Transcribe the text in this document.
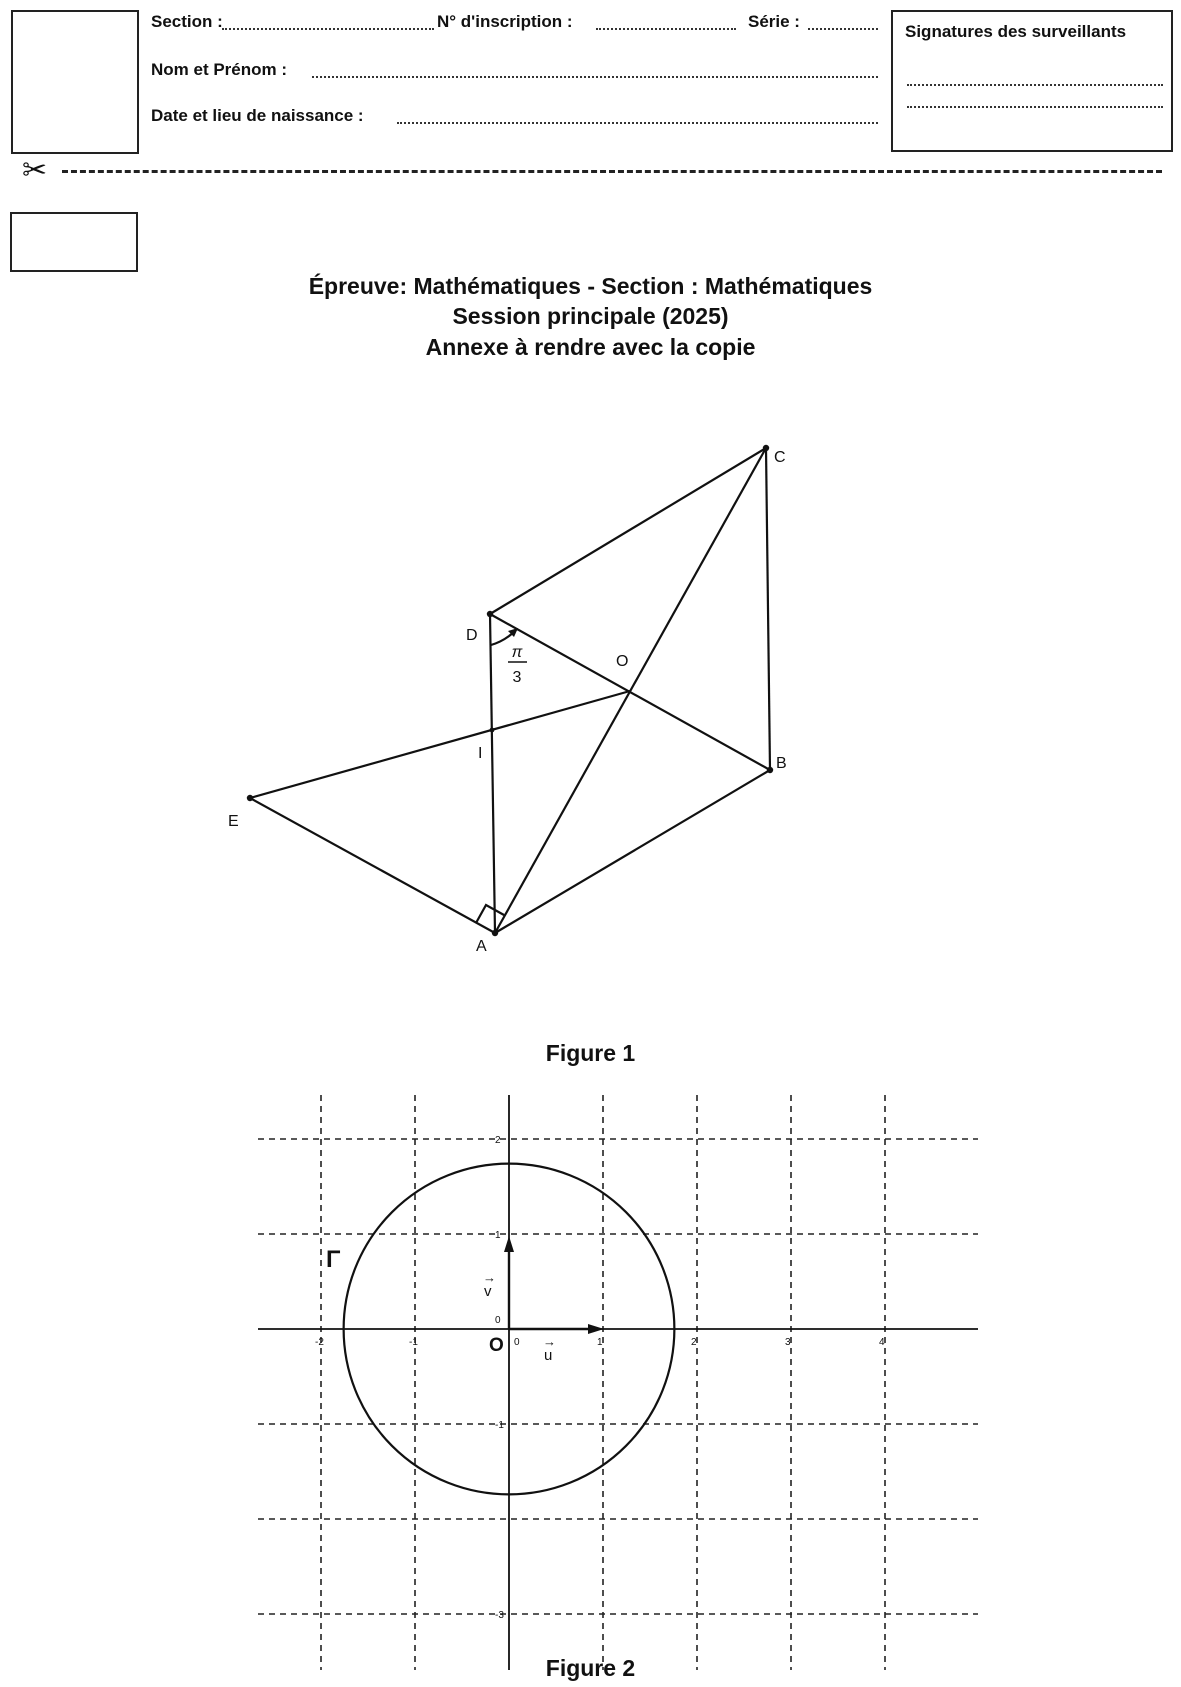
Section :	N° d'inscription :	Série :
Nom et Prénom :
Date et lieu de naissance :
Signatures des surveillants
✂
Épreuve: Mathématiques - Section : Mathématiques
Session principale (2025)
Annexe à rendre avec la copie
C
D
O
I
B
E
A
π
3
Figure 1
-2	-1	0	1	2	3	4
2
1
0
-1
-3
Γ
O	u
→
v
→
Figure 2
